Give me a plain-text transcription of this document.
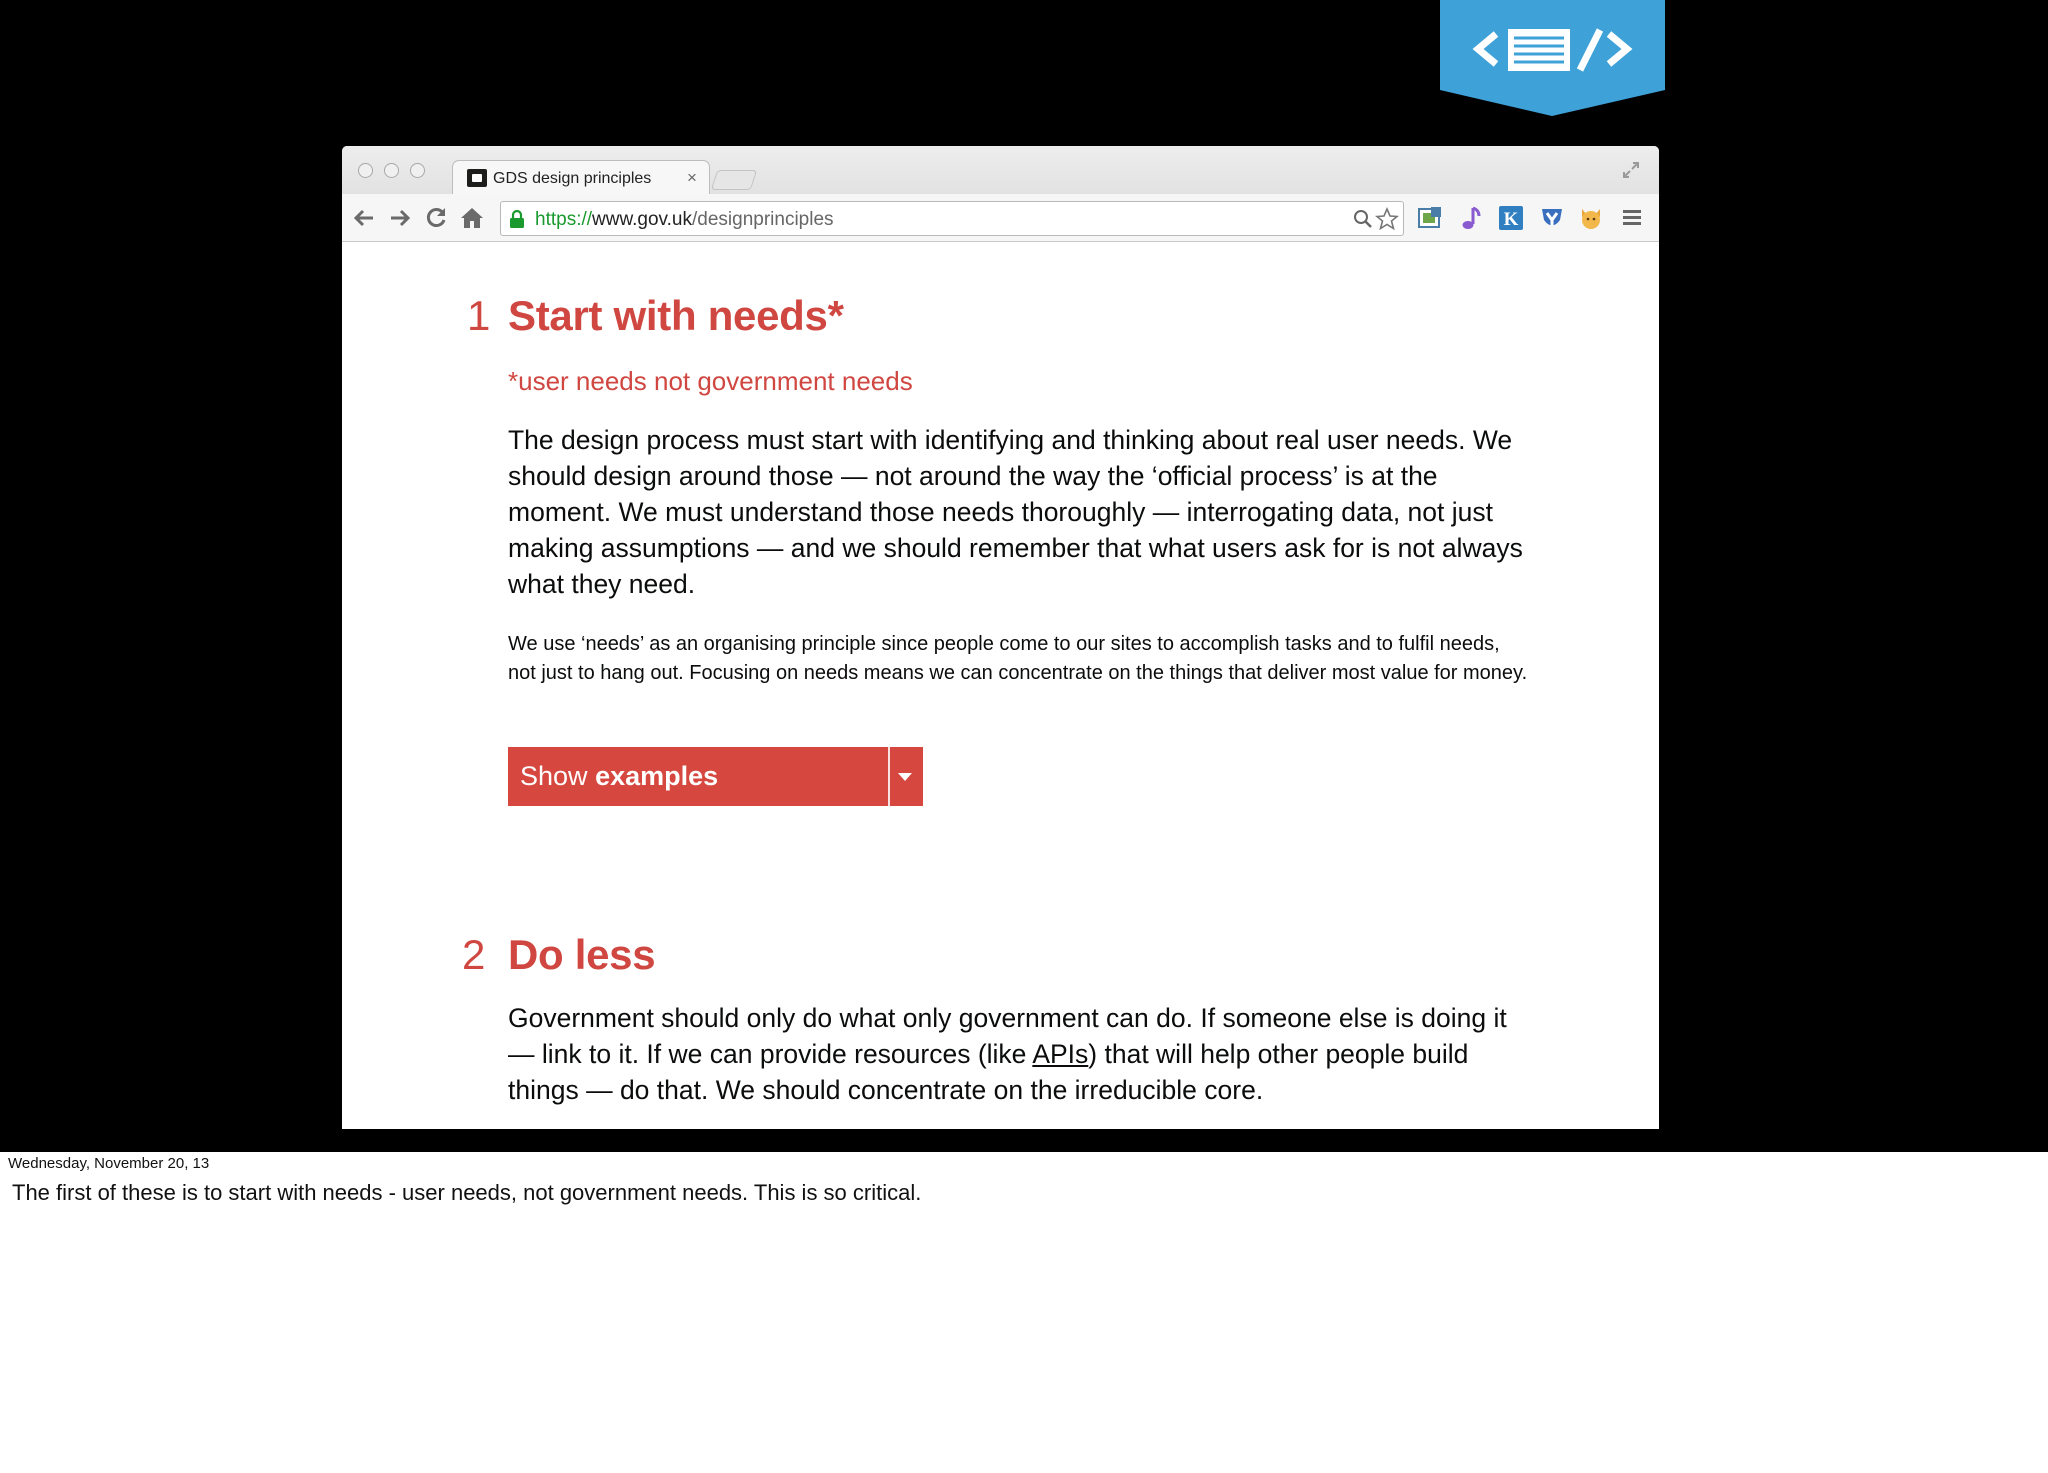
GDS design principles ×
https://www.gov.uk/designprinciples	K
1 Start with needs*
*user needs not government needs

The design process must start with identifying and thinking about real user needs. We should design around those — not around the way the ‘official process’ is at the moment. We must understand those needs thoroughly — interrogating data, not just making assumptions — and we should remember that what users ask for is not always what they need.

We use ‘needs’ as an organising principle since people come to our sites to accomplish tasks and to fulfil needs, not just to hang out. Focusing on needs means we can concentrate on the things that deliver most value for money.

Show examples
2 Do less

Government should only do what only government can do. If someone else is doing it — link to it. If we can provide resources (like APIs) that will help other people build things — do that. We should concentrate on the irreducible core.

Wednesday, November 20, 13
The first of these is to start with needs - user needs, not government needs. This is so critical.
